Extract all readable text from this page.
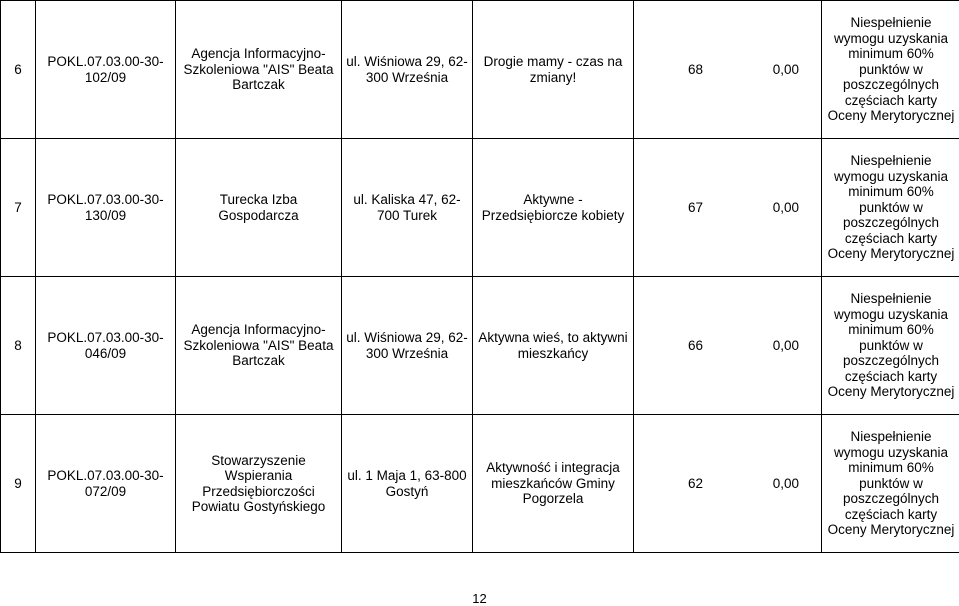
6	POKL.07.03.00-30-102/09	Agencja Informacyjno-Szkoleniowa "AIS" Beata Bartczak	ul. Wiśniowa 29, 62-300 Września	Drogie mamy - czas na zmiany!	68 0,00	Niespełnienie wymogu uzyskania minimum 60% punktów w poszczególnych częściach karty Oceny Merytorycznej
7	POKL.07.03.00-30-130/09	Turecka Izba Gospodarcza	ul. Kaliska 47, 62-700 Turek	Aktywne - Przedsiębiorcze kobiety	67 0,00	Niespełnienie wymogu uzyskania minimum 60% punktów w poszczególnych częściach karty Oceny Merytorycznej
8	POKL.07.03.00-30-046/09	Agencja Informacyjno-Szkoleniowa "AIS" Beata Bartczak	ul. Wiśniowa 29, 62-300 Września	Aktywna wieś, to aktywni mieszkańcy	66 0,00	Niespełnienie wymogu uzyskania minimum 60% punktów w poszczególnych częściach karty Oceny Merytorycznej
9	POKL.07.03.00-30-072/09	Stowarzyszenie Wspierania Przedsiębiorczości Powiatu Gostyńskiego	ul. 1 Maja 1, 63-800 Gostyń	Aktywność i integracja mieszkańców Gminy Pogorzela	62 0,00	Niespełnienie wymogu uzyskania minimum 60% punktów w poszczególnych częściach karty Oceny Merytorycznej
12
